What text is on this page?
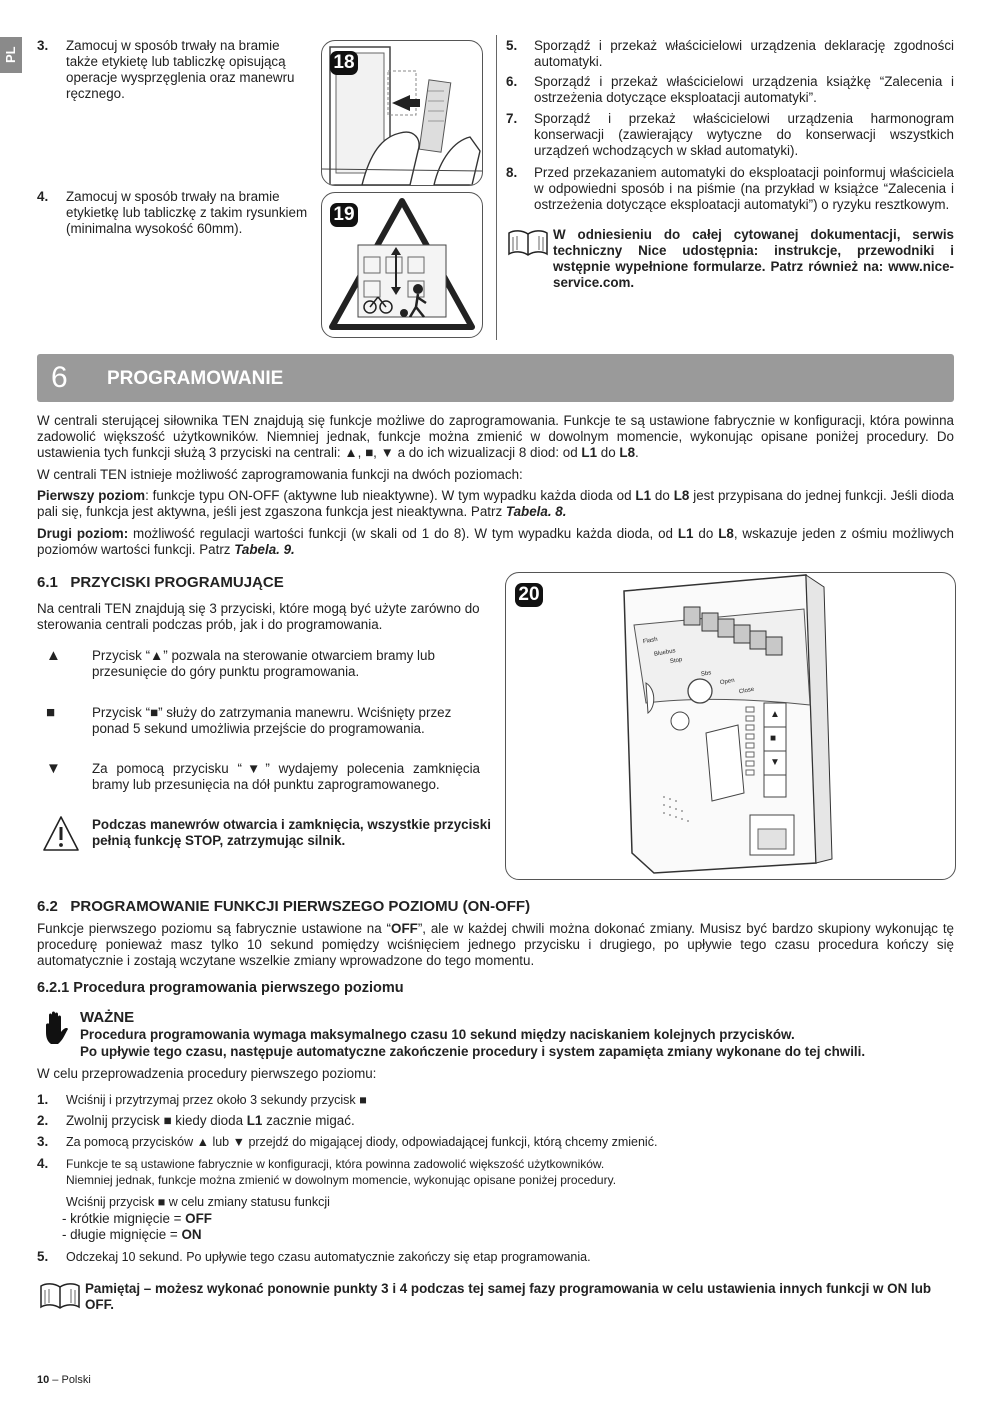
PL
3. Zamocuj w sposób trwały na bramie także etykietę lub tabliczkę opisującą operacje wysprzęglenia oraz manewru ręcznego.
4. Zamocuj w sposób trwały na bramie etykietkę lub tabliczkę z takim rysunkiem (minimalna wysokość 60mm).
18
19
5. Sporządź i przekaż właścicielowi urządzenia deklarację zgodności automatyki.

6. Sporządź i przekaż właścicielowi urządzenia książkę “Zalecenia i ostrzeżenia dotyczące eksploatacji automatyki”.

7. Sporządź i przekaż właścicielowi urządzenia harmonogram konserwacji (zawierający wytyczne do konserwacji wszystkich urządzeń wchodzących w skład automatyki).

8. Przed przekazaniem automatyki do eksploatacji poinformuj właściciela w odpowiedni sposób i na piśmie (na przykład w książce “Zalecenia i ostrzeżenia dotyczące eksploatacji automatyki”) o ryzyku resztkowym.

W odniesieniu do całej cytowanej dokumentacji, serwis techniczny Nice udostępnia: instrukcje, przewodniki i wstępnie wypełnione formularze. Patrz również na: www.nice-service.com.

6 PROGRAMOWANIE

W centrali sterującej siłownika TEN znajdują się funkcje możliwe do zaprogramowania. Funkcje te są ustawione fabrycznie w konfiguracji, która powinna zadowolić większość użytkowników. Niemniej jednak, funkcje można zmienić w dowolnym momencie, wykonując opisane poniżej procedury. Do ustawienia tych funkcji służą 3 przyciski na centrali: ▲, ■, ▼ a do ich wizualizacji 8 diod: od L1 do L8.

W centrali TEN istnieje możliwość zaprogramowania funkcji na dwóch poziomach:

Pierwszy poziom: funkcje typu ON-OFF (aktywne lub nieaktywne). W tym wypadku każda dioda od L1 do L8 jest przypisana do jednej funkcji. Jeśli dioda pali się, funkcja jest aktywna, jeśli jest zgaszona funkcja jest nieaktywna. Patrz Tabela. 8.

Drugi poziom: możliwość regulacji wartości funkcji (w skali od 1 do 8). W tym wypadku każda dioda, od L1 do L8, wskazuje jeden z ośmiu możliwych poziomów wartości funkcji. Patrz Tabela. 9.

6.1   PRZYCISKI PROGRAMUJĄCE

Na centrali TEN znajdują się 3 przyciski, które mogą być użyte zarówno do sterowania centrali podczas prób, jak i do programowania.

▲ Przycisk “▲” pozwala na sterowanie otwarciem bramy lub przesunięcie do góry punktu programowania.

■	Przycisk “■” służy do zatrzymania manewru. Wciśnięty przez ponad 5 sekund umożliwia przejście do programowania.

▼ Za pomocą przycisku “▼” wydajemy polecenia zamknięcia bramy lub przesunięcia na dół punktu zaprogramowanego.

Podczas manewrów otwarcia i zamknięcia, wszystkie przyciski pełnią funkcję STOP, zatrzymując silnik.

20
Flash
Bluebus
Stop
Sbs
Open
Close
▲
■
▼
6.2   PROGRAMOWANIE FUNKCJI PIERWSZEGO POZIOMU (ON-OFF)

Funkcje pierwszego poziomu są fabrycznie ustawione na “OFF”, ale w każdej chwili można dokonać zmiany. Musisz być bardzo skupiony wykonując tę procedurę ponieważ masz tylko 10 sekund pomiędzy wciśnięciem jednego przycisku i drugiego, po upływie tego czasu procedura kończy się automatycznie i zostają wczytane wszelkie zmiany wprowadzone do tego momentu.

6.2.1 Procedura programowania pierwszego poziomu
WAŻNE
Procedura programowania wymaga maksymalnego czasu 10 sekund między naciskaniem kolejnych przycisków.
Po upływie tego czasu, następuje automatyczne zakończenie procedury i system zapamięta zmiany wykonane do tej chwili.

W celu przeprowadzenia procedury pierwszego poziomu:

1. Wciśnij i przytrzymaj przez około 3 sekundy przycisk ■
2. Zwolnij przycisk ■ kiedy dioda L1 zacznie migać.
3. Za pomocą przycisków ▲ lub ▼ przejdź do migającej diody, odpowiadającej funkcji, którą chcemy zmienić.
4. Funkcje te są ustawione fabrycznie w konfiguracji, która powinna zadowolić większość użytkowników.
Niemniej jednak, funkcje można zmienić w dowolnym momencie, wykonując opisane poniżej procedury.
Wciśnij przycisk ■ w celu zmiany statusu funkcji
- krótkie mignięcie = OFF
- długie mignięcie = ON
5. Odczekaj 10 sekund. Po upływie tego czasu automatycznie zakończy się etap programowania.

Pamiętaj – możesz wykonać ponownie punkty 3 i 4 podczas tej samej fazy programowania w celu ustawienia innych funkcji w ON lub OFF.

10 – Polski
